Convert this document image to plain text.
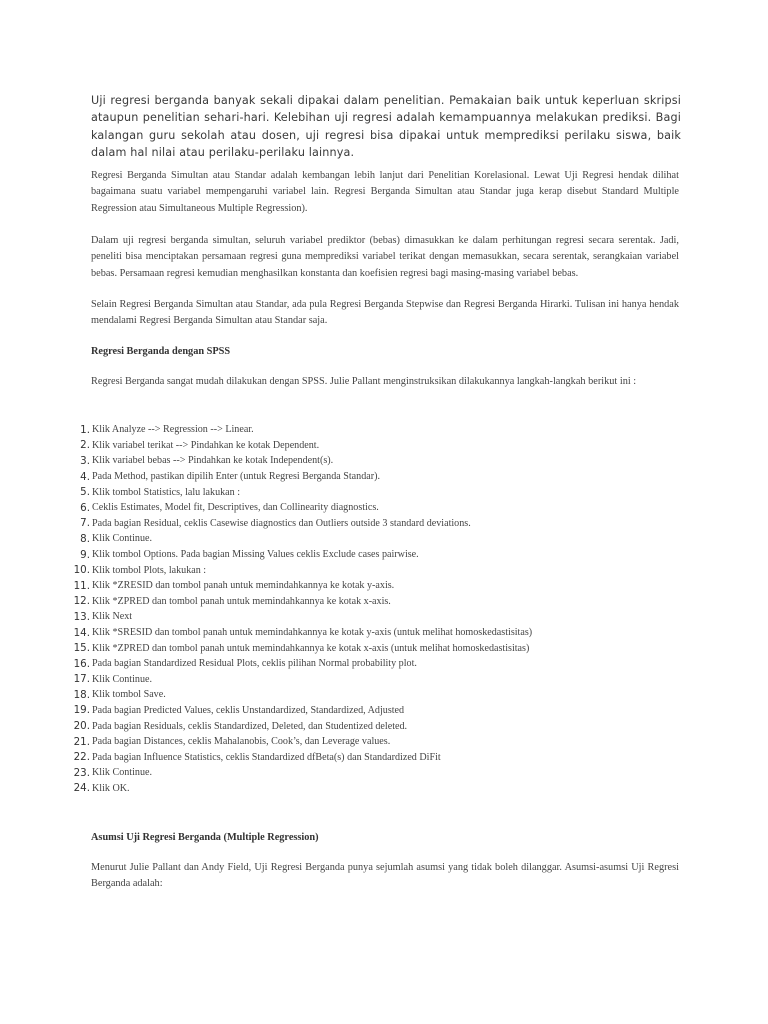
Uji regresi berganda banyak sekali dipakai dalam penelitian. Pemakaian baik untuk keperluan skripsi ataupun penelitian sehari-hari. Kelebihan uji regresi adalah kemampuannya melakukan prediksi. Bagi kalangan guru sekolah atau dosen, uji regresi bisa dipakai untuk memprediksi perilaku siswa, baik dalam hal nilai atau perilaku-perilaku lainnya.

Regresi Berganda Simultan atau Standar adalah kembangan lebih lanjut dari Penelitian Korelasional. Lewat Uji Regresi hendak dilihat bagaimana suatu variabel mempengaruhi variabel lain. Regresi Berganda Simultan atau Standar juga kerap disebut Standard Multiple Regression atau Simultaneous Multiple Regression).

Dalam uji regresi berganda simultan, seluruh variabel prediktor (bebas) dimasukkan ke dalam perhitungan regresi secara serentak. Jadi, peneliti bisa menciptakan persamaan regresi guna memprediksi variabel terikat dengan memasukkan, secara serentak, serangkaian variabel bebas. Persamaan regresi kemudian menghasilkan konstanta dan koefisien regresi bagi masing-masing variabel bebas.

Selain Regresi Berganda Simultan atau Standar, ada pula Regresi Berganda Stepwise dan Regresi Berganda Hirarki. Tulisan ini hanya hendak mendalami Regresi Berganda Simultan atau Standar saja.

Regresi Berganda dengan SPSS

Regresi Berganda sangat mudah dilakukan dengan SPSS. Julie Pallant menginstruksikan dilakukannya langkah-langkah berikut ini :

1. Klik Analyze --> Regression --> Linear.
2. Klik variabel terikat --> Pindahkan ke kotak Dependent.
3. Klik variabel bebas --> Pindahkan ke kotak Independent(s).
4. Pada Method, pastikan dipilih Enter (untuk Regresi Berganda Standar).
5. Klik tombol Statistics, lalu lakukan :
6. Ceklis Estimates, Model fit, Descriptives, dan Collinearity diagnostics.
7. Pada bagian Residual, ceklis Casewise diagnostics dan Outliers outside 3 standard deviations.
8. Klik Continue.
9. Klik tombol Options. Pada bagian Missing Values ceklis Exclude cases pairwise.
10. Klik tombol Plots, lakukan :
11. Klik *ZRESID dan tombol panah untuk memindahkannya ke kotak y-axis.
12. Klik *ZPRED dan tombol panah untuk memindahkannya ke kotak x-axis.
13. Klik Next
14. Klik *SRESID dan tombol panah untuk memindahkannya ke kotak y-axis (untuk melihat homoskedastisitas)
15. Klik *ZPRED dan tombol panah untuk memindahkannya ke kotak x-axis (untuk melihat homoskedastisitas)
16. Pada bagian Standardized Residual Plots, ceklis pilihan Normal probability plot.
17. Klik Continue.
18. Klik tombol Save.
19. Pada bagian Predicted Values, ceklis Unstandardized, Standardized, Adjusted
20. Pada bagian Residuals, ceklis Standardized, Deleted, dan Studentized deleted.
21. Pada bagian Distances, ceklis Mahalanobis, Cook’s, dan Leverage values.
22. Pada bagian Influence Statistics, ceklis Standardized dfBeta(s) dan Standardized DiFit
23. Klik Continue.
24. Klik OK.

Asumsi Uji Regresi Berganda (Multiple Regression)

Menurut Julie Pallant dan Andy Field, Uji Regresi Berganda punya sejumlah asumsi yang tidak boleh dilanggar. Asumsi-asumsi Uji Regresi Berganda adalah:
